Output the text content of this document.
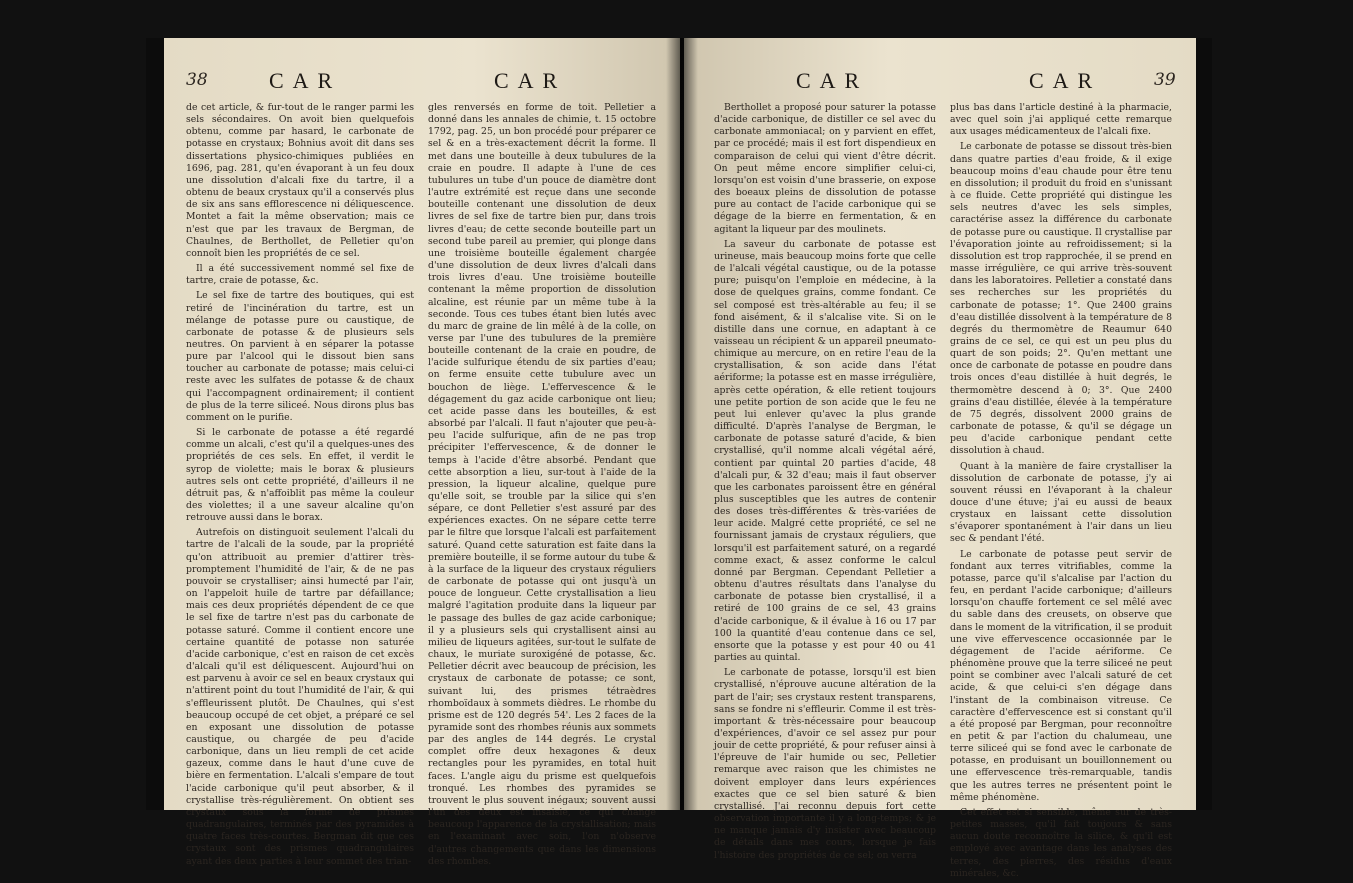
38	CAR	CAR

de cet article, & fur-tout de le ranger parmi les sels sécondaires. On avoit bien quelquefois obtenu, comme par hasard, le carbonate de potasse en crystaux; Bohnius avoit dit dans ses dissertations physico-chimiques publiées en 1696, pag. 281, qu'en évaporant à un feu doux une dissolution d'alcali fixe du tartre, il a obtenu de beaux crystaux qu'il a conservés plus de six ans sans efflorescence ni déliquescence. Montet a fait la même observation; mais ce n'est que par les travaux de Bergman, de Chaulnes, de Berthollet, de Pelletier qu'on connoît bien les propriétés de ce sel.

Il a été successivement nommé sel fixe de tartre, craie de potasse, &c.

Le sel fixe de tartre des boutiques, qui est retiré de l'incinération du tartre, est un mélange de potasse pure ou caustique, de carbonate de potasse & de plusieurs sels neutres. On parvient à en séparer la potasse pure par l'alcool qui le dissout bien sans toucher au carbonate de potasse; mais celui-ci reste avec les sulfates de potasse & de chaux qui l'accompagnent ordinairement; il contient de plus de la terre siliceé. Nous dirons plus bas comment on le purifie.

Si le carbonate de potasse a été regardé comme un alcali, c'est qu'il a quelques-unes des propriétés de ces sels. En effet, il verdit le syrop de violette; mais le borax & plusieurs autres sels ont cette propriété, d'ailleurs il ne détruit pas, & n'affoiblit pas même la couleur des violettes; il a une saveur alcaline qu'on retrouve aussi dans le borax.

Autrefois on distinguoit seulement l'alcali du tartre de l'alcali de la soude, par la propriété qu'on attribuoit au premier d'attirer très-promptement l'humidité de l'air, & de ne pas pouvoir se crystalliser; ainsi humecté par l'air, on l'appeloit huile de tartre par défaillance; mais ces deux propriétés dépendent de ce que le sel fixe de tartre n'est pas du carbonate de potasse saturé. Comme il contient encore une certaine quantité de potasse non saturée d'acide carbonique, c'est en raison de cet excès d'alcali qu'il est déliquescent. Aujourd'hui on est parvenu à avoir ce sel en beaux crystaux qui n'attirent point du tout l'humidité de l'air, & qui s'effleurissent plutôt. De Chaulnes, qui s'est beaucoup occupé de cet objet, a préparé ce sel en exposant une dissolution de potasse caustique, ou chargée de peu d'acide carbonique, dans un lieu rempli de cet acide gazeux, comme dans le haut d'une cuve de bière en fermentation. L'alcali s'empare de tout l'acide carbonique qu'il peut absorber, & il crystallise très-régulièrement. On obtient ses crystaux sous la forme de prismes quadrangulaires, terminés par des pyramides à quatre faces très-courtes. Bergman dit que ces crystaux sont des prismes quadrangulaires ayant des deux parties à leur sommet des trian-

gles renversés en forme de toit. Pelletier a donné dans les annales de chimie, t. 15 octobre 1792, pag. 25, un bon procédé pour préparer ce sel & en a très-exactement décrit la forme. Il met dans une bouteille à deux tubulures de la craie en poudre. Il adapte à l'une de ces tubulures un tube d'un pouce de diamètre dont l'autre extrémité est reçue dans une seconde bouteille contenant une dissolution de deux livres de sel fixe de tartre bien pur, dans trois livres d'eau; de cette seconde bouteille part un second tube pareil au premier, qui plonge dans une troisième bouteille également chargée d'une dissolution de deux livres d'alcali dans trois livres d'eau. Une troisième bouteille contenant la même proportion de dissolution alcaline, est réunie par un même tube à la seconde. Tous ces tubes étant bien lutés avec du marc de graine de lin mêlé à de la colle, on verse par l'une des tubulures de la première bouteille contenant de la craie en poudre, de l'acide sulfurique étendu de six parties d'eau; on ferme ensuite cette tubulure avec un bouchon de liège. L'effervescence & le dégagement du gaz acide carbonique ont lieu; cet acide passe dans les bouteilles, & est absorbé par l'alcali. Il faut n'ajouter que peu-à-peu l'acide sulfurique, afin de ne pas trop précipiter l'effervescence, & de donner le temps à l'acide d'être absorbé. Pendant que cette absorption a lieu, sur-tout à l'aide de la pression, la liqueur alcaline, quelque pure qu'elle soit, se trouble par la silice qui s'en sépare, ce dont Pelletier s'est assuré par des expériences exactes. On ne sépare cette terre par le filtre que lorsque l'alcali est parfaitement saturé. Quand cette saturation est faite dans la première bouteille, il se forme autour du tube & à la surface de la liqueur des crystaux réguliers de carbonate de potasse qui ont jusqu'à un pouce de longueur. Cette crystallisation a lieu malgré l'agitation produite dans la liqueur par le passage des bulles de gaz acide carbonique; il y a plusieurs sels qui crystallisent ainsi au milieu de liqueurs agitées, sur-tout le sulfate de chaux, le muriate suroxigéné de potasse, &c. Pelletier décrit avec beaucoup de précision, les crystaux de carbonate de potasse; ce sont, suivant lui, des prismes tétraèdres rhomboïdaux à sommets dièdres. Le rhombe du prisme est de 120 degrés 54'. Les 2 faces de la pyramide sont des rhombes réunis aux sommets par des angles de 144 degrés. Le crystal complet offre deux hexagones & deux rectangles pour les pyramides, en total huit faces. L'angle aigu du prisme est quelquefois tronqué. Les rhombes des pyramides se trouvent le plus souvent inégaux; souvent aussi l'un des deux est insaisie, ce qui change beaucoup l'apparence de la crystallisation; mais en l'examinant avec soin, l'on n'observe d'autres changements que dans les dimensions des rhombes.

CAR	CAR	39

Berthollet a proposé pour saturer la potasse d'acide carbonique, de distiller ce sel avec du carbonate ammoniacal; on y parvient en effet, par ce procédé; mais il est fort dispendieux en comparaison de celui qui vient d'être décrit. On peut même encore simplifier celui-ci, lorsqu'on est voisin d'une brasserie, on expose des boeaux pleins de dissolution de potasse pure au contact de l'acide carbonique qui se dégage de la bierre en fermentation, & en agitant la liqueur par des moulinets.

La saveur du carbonate de potasse est urineuse, mais beaucoup moins forte que celle de l'alcali végétal caustique, ou de la potasse pure; puisqu'on l'emploie en médecine, à la dose de quelques grains, comme fondant. Ce sel composé est très-altérable au feu; il se fond aisément, & il s'alcalise vite. Si on le distille dans une cornue, en adaptant à ce vaisseau un récipient & un appareil pneumato-chimique au mercure, on en retire l'eau de la crystallisation, & son acide dans l'état aériforme; la potasse est en masse irrégulière, après cette opération, & elle retient toujours une petite portion de son acide que le feu ne peut lui enlever qu'avec la plus grande difficulté. D'après l'analyse de Bergman, le carbonate de potasse saturé d'acide, & bien crystallisé, qu'il nomme alcali végétal aéré, contient par quintal 20 parties d'acide, 48 d'alcali pur, & 32 d'eau; mais il faut observer que les carbonates paroissent être en général plus susceptibles que les autres de contenir des doses très-différentes & très-variées de leur acide. Malgré cette propriété, ce sel ne fournissant jamais de crystaux réguliers, que lorsqu'il est parfaitement saturé, on a regardé comme exact, & assez conforme le calcul donné par Bergman. Cependant Pelletier a obtenu d'autres résultats dans l'analyse du carbonate de potasse bien crystallisé, il a retiré de 100 grains de ce sel, 43 grains d'acide carbonique, & il évalue à 16 ou 17 par 100 la quantité d'eau contenue dans ce sel, ensorte que la potasse y est pour 40 ou 41 parties au quintal.

Le carbonate de potasse, lorsqu'il est bien crystallisé, n'éprouve aucune altération de la part de l'air; ses crystaux restent transparens, sans se fondre ni s'effleurir. Comme il est très-important & très-nécessaire pour beaucoup d'expériences, d'avoir ce sel assez pur pour jouir de cette propriété, & pour refuser ainsi à l'épreuve de l'air humide ou sec, Pelletier remarque avec raison que les chimistes ne doivent employer dans leurs expériences exactes que ce sel bien saturé & bien crystallisé. J'ai reconnu depuis fort cette observation importante il y a long-temps; & je ne manque jamais d'y insister avec beaucoup de détails dans mes cours, lorsque je fais l'histoire des propriétés de ce sel; on verra

plus bas dans l'article destiné à la pharmacie, avec quel soin j'ai appliqué cette remarque aux usages médicamenteux de l'alcali fixe.

Le carbonate de potasse se dissout très-bien dans quatre parties d'eau froide, & il exige beaucoup moins d'eau chaude pour être tenu en dissolution; il produit du froid en s'unissant à ce fluide. Cette propriété qui distingue les sels neutres d'avec les sels simples, caractérise assez la différence du carbonate de potasse pure ou caustique. Il crystallise par l'évaporation jointe au refroidissement; si la dissolution est trop rapprochée, il se prend en masse irrégulière, ce qui arrive très-souvent dans les laboratoires. Pelletier a constaté dans ses recherches sur les propriétés du carbonate de potasse; 1°. Que 2400 grains d'eau distillée dissolvent à la température de 8 degrés du thermomètre de Reaumur 640 grains de ce sel, ce qui est un peu plus du quart de son poids; 2°. Qu'en mettant une once de carbonate de potasse en poudre dans trois onces d'eau distillée à huit degrés, le thermomètre descend à 0; 3°. Que 2400 grains d'eau distillée, élevée à la température de 75 degrés, dissolvent 2000 grains de carbonate de potasse, & qu'il se dégage un peu d'acide carbonique pendant cette dissolution à chaud.

Quant à la manière de faire crystalliser la dissolution de carbonate de potasse, j'y ai souvent réussi en l'évaporant à la chaleur douce d'une étuve; j'ai eu aussi de beaux crystaux en laissant cette dissolution s'évaporer spontanément à l'air dans un lieu sec & pendant l'été.

Le carbonate de potasse peut servir de fondant aux terres vitrifiables, comme la potasse, parce qu'il s'alcalise par l'action du feu, en perdant l'acide carbonique; d'ailleurs lorsqu'on chauffe fortement ce sel mêlé avec du sable dans des creusets, on observe que dans le moment de la vitrification, il se produit une vive effervescence occasionnée par le dégagement de l'acide aériforme. Ce phénomène prouve que la terre siliceé ne peut point se combiner avec l'alcali saturé de cet acide, & que celui-ci s'en dégage dans l'instant de la combinaison vitreuse. Ce caractère d'effervescence est si constant qu'il a été proposé par Bergman, pour reconnoître en petit & par l'action du chalumeau, une terre siliceé qui se fond avec le carbonate de potasse, en produisant un bouillonnement ou une effervescence très-remarquable, tandis que les autres terres ne présentent point le même phénomène.

Cet effet est si sensible, même sur de très-petites masses, qu'il fait toujours & sans aucun doute reconnoître la silice, & qu'il est employé avec avantage dans les analyses des terres, des pierres, des résidus d'eaux minérales, &c.
